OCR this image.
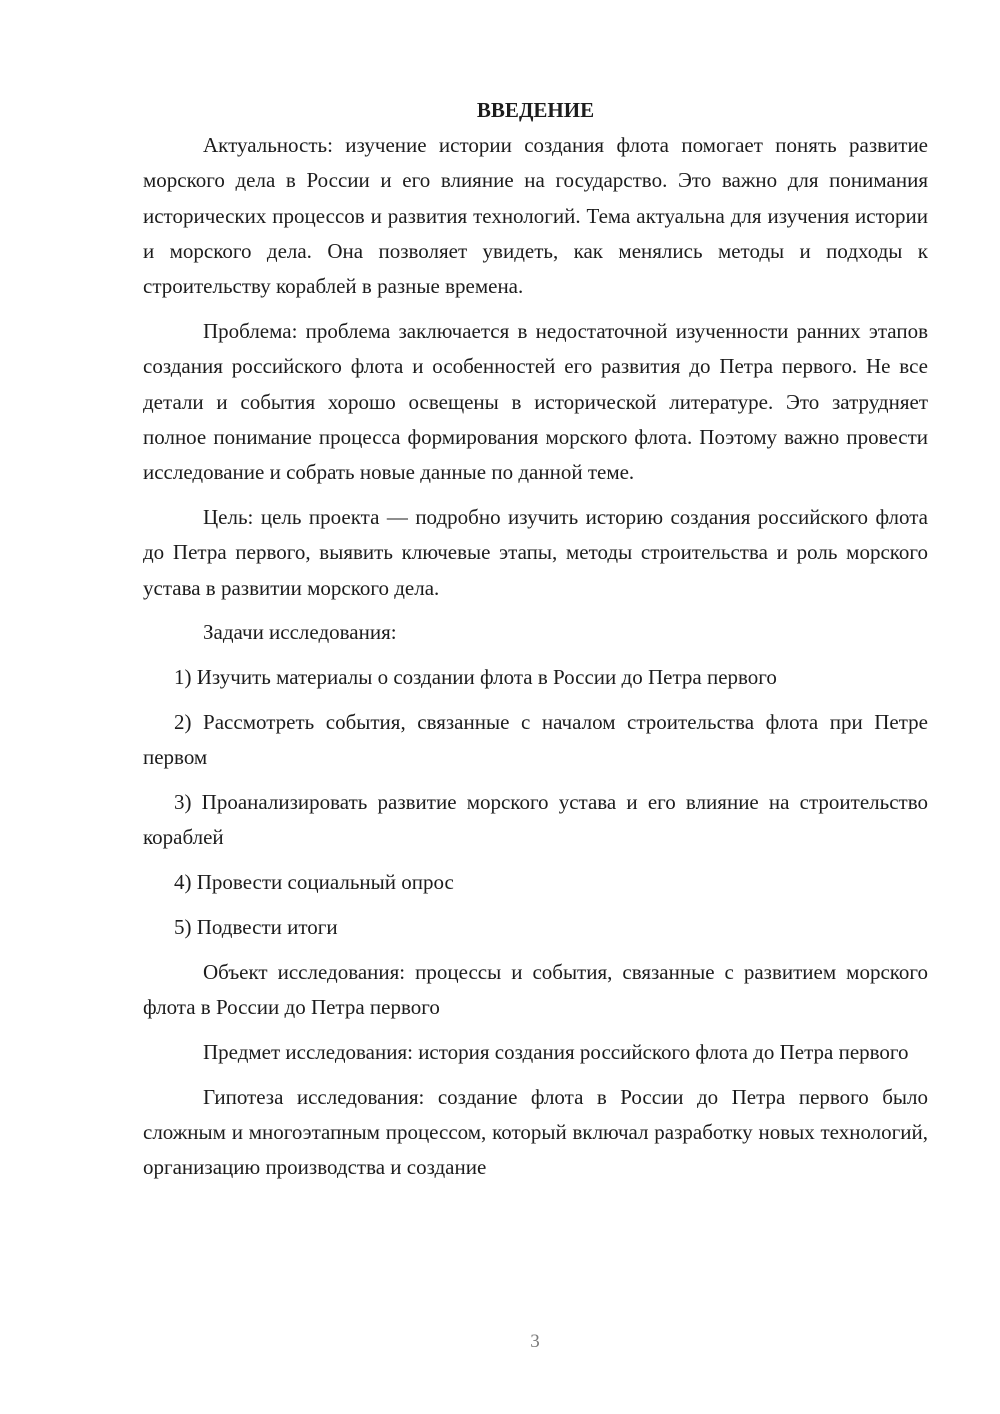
ВВЕДЕНИЕ

Актуальность: изучение истории создания флота помогает понять развитие морского дела в России и его влияние на государство. Это важно для понимания исторических процессов и развития технологий. Тема актуальна для изучения истории и морского дела. Она позволяет увидеть, как менялись методы и подходы к строительству кораблей в разные времена.

Проблема: проблема заключается в недостаточной изученности ранних этапов создания российского флота и особенностей его развития до Петра первого. Не все детали и события хорошо освещены в исторической литературе. Это затрудняет полное понимание процесса формирования морского флота. Поэтому важно провести исследование и собрать новые данные по данной теме.

Цель: цель проекта — подробно изучить историю создания российского флота до Петра первого, выявить ключевые этапы, методы строительства и роль морского устава в развитии морского дела.

Задачи исследования:

1) Изучить материалы о создании флота в России до Петра первого

2) Рассмотреть события, связанные с началом строительства флота при Петре первом

3) Проанализировать развитие морского устава и его влияние на строительство кораблей

4) Провести социальный опрос

5) Подвести итоги

Объект исследования: процессы и события, связанные с развитием морского флота в России до Петра первого

Предмет исследования: история создания российского флота до Петра первого

Гипотеза исследования: создание флота в России до Петра первого было сложным и многоэтапным процессом, который включал разработку новых технологий, организацию производства и создание

3
